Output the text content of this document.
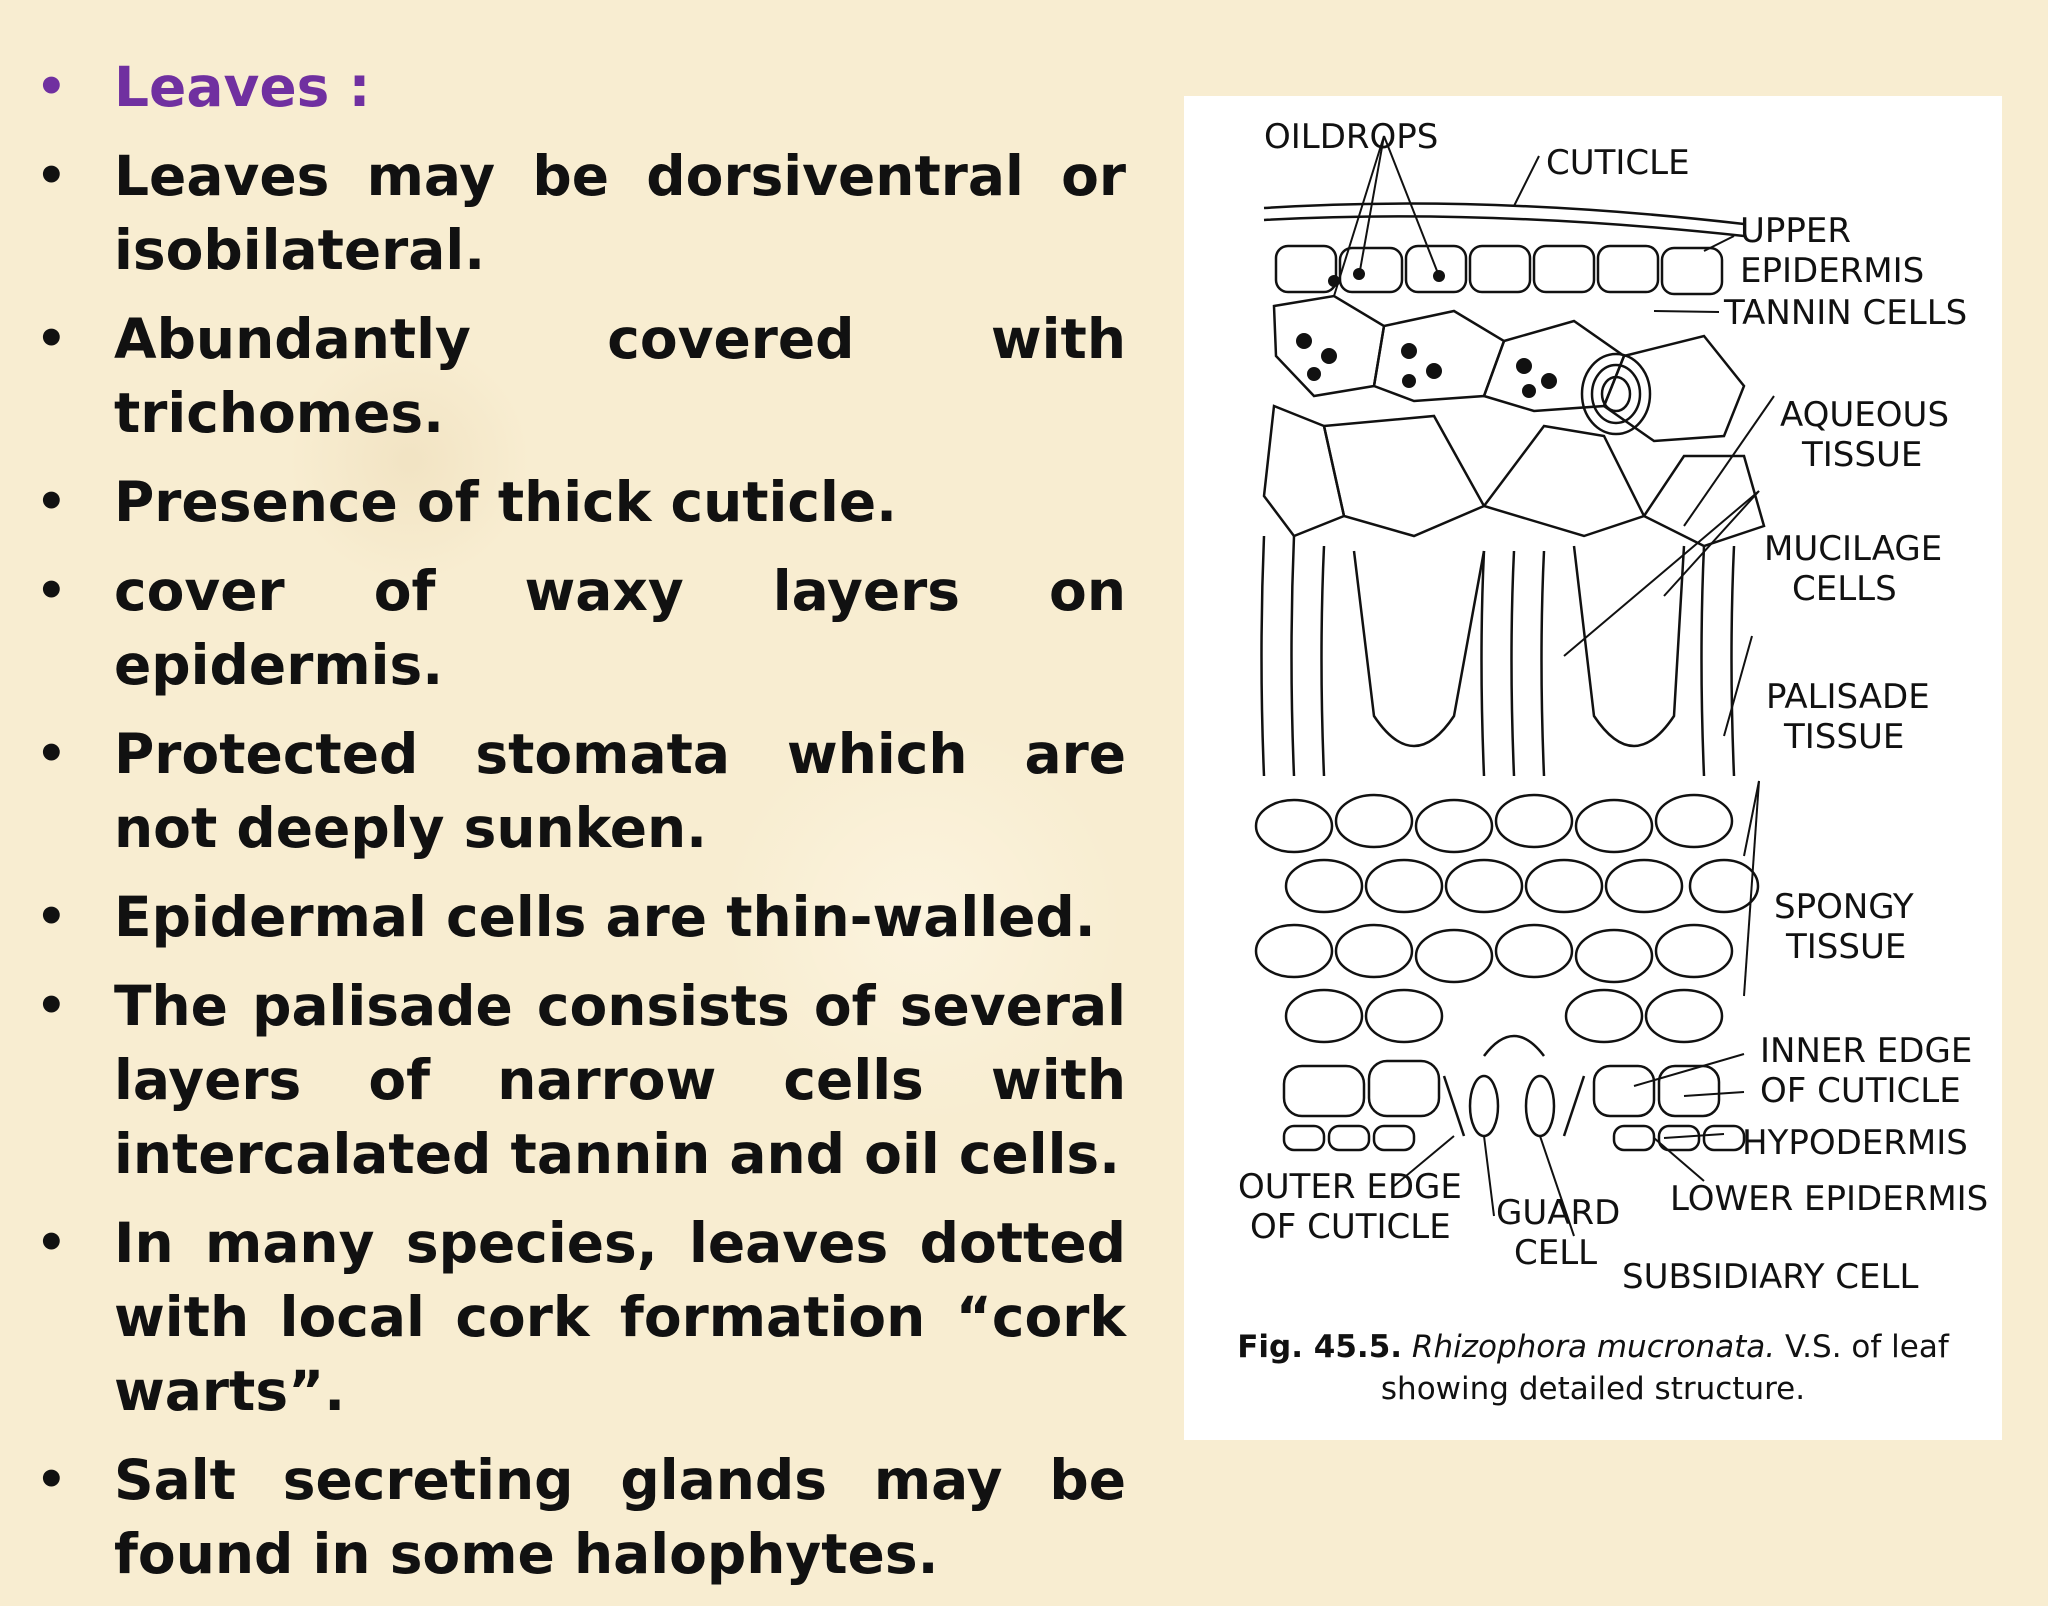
• Leaves :
• Leaves may be dorsiventral or isobilateral.
• Abundantly covered with trichomes.
• Presence of thick cuticle.
• cover of waxy layers on epidermis.
• Protected stomata which are not deeply sunken.
• Epidermal cells are thin-walled.
• The palisade consists of several layers of narrow cells with intercalated tannin and oil cells.
• In many species, leaves dotted with local cork formation “cork warts”.
• Salt secreting glands may be found in some halophytes.
OILDROPS
CUTICLE
UPPER
EPIDERMIS
TANNIN CELLS
AQUEOUS
TISSUE
MUCILAGE
CELLS
PALISADE
TISSUE
SPONGY
TISSUE
INNER EDGE
OF CUTICLE
HYPODERMIS
LOWER EPIDERMIS
OUTER EDGE
OF CUTICLE GUARD
CELL
SUBSIDIARY CELL
Fig. 45.5. Rhizophora mucronata. V.S. of leaf
showing detailed structure.
